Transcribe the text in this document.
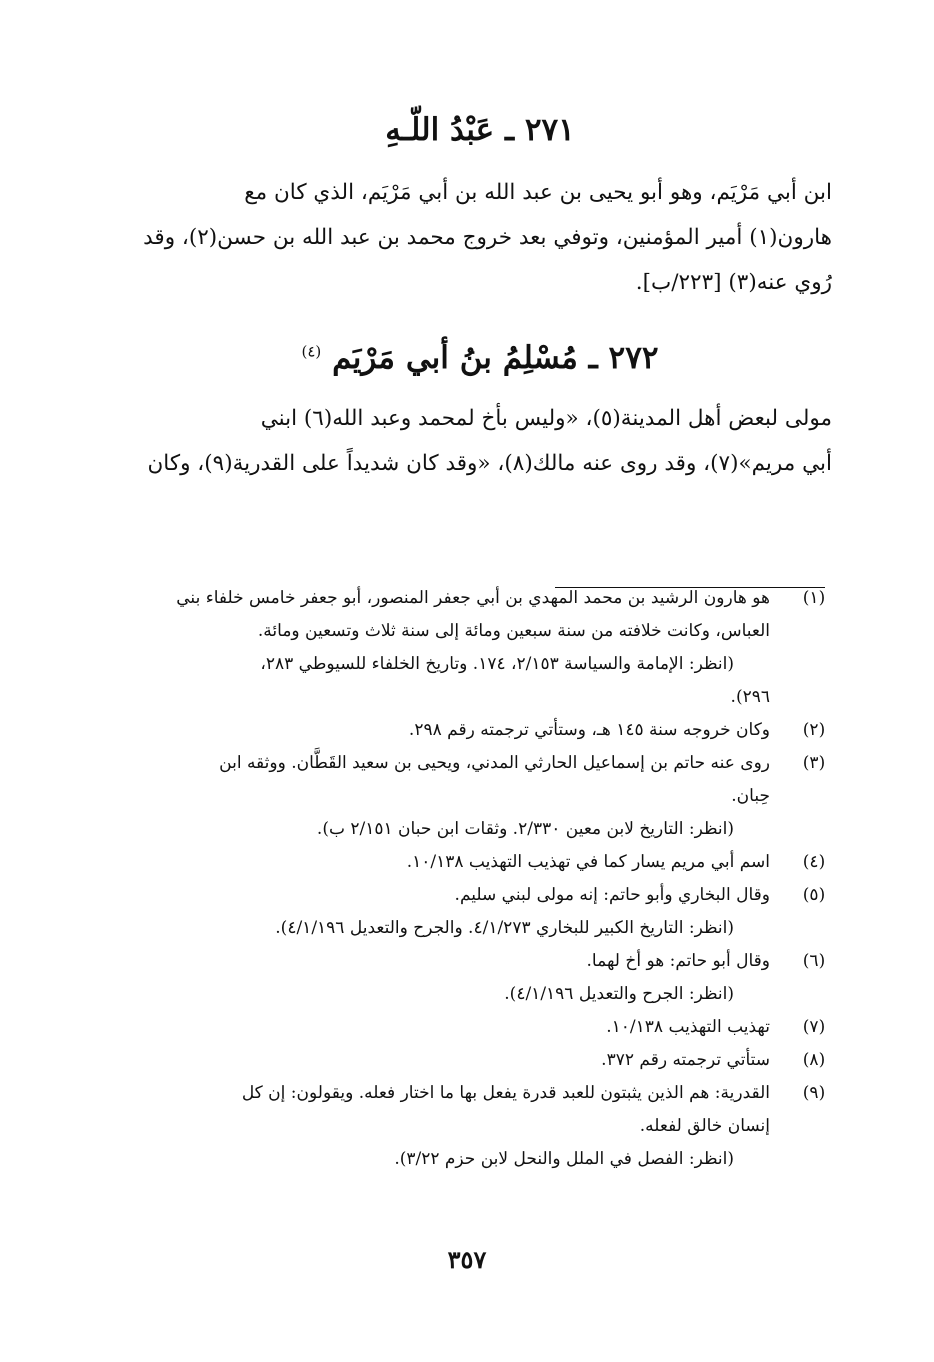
٢٧١ ـ عَبْدُ اللّـهِ
ابن أبي مَرْيَم، وهو أبو يحيى بن عبد الله بن أبي مَرْيَم، الذي كان مع
هارون(١) أمير المؤمنين، وتوفي بعد خروج محمد بن عبد الله بن حسن(٢)، وقد
رُوي عنه(٣) [٢٢٣/ب].
٢٧٢ ـ مُسْلِمُ بنُ أبي مَرْيَم $^{(٤)}$
مولى لبعض أهل المدينة(٥)، «وليس بأخ لمحمد وعبد الله(٦) ابني
أبي مريم»(٧)، وقد روى عنه مالك(٨)، «وقد كان شديداً على القدرية(٩)، وكان
(١)
هو هارون الرشيد بن محمد المهدي بن أبي جعفر المنصور، أبو جعفر خامس خلفاء بني
العباس، وكانت خلافته من سنة سبعين ومائة إلى سنة ثلاث وتسعين ومائة.
(انظر: الإمامة والسياسة ٢/١٥٣، ١٧٤. وتاريخ الخلفاء للسيوطي ٢٨٣،
٢٩٦).
(٢)
وكان خروجه سنة ١٤٥ هـ، وستأتي ترجمته رقم ٢٩٨.
(٣)
روى عنه حاتم بن إسماعيل الحارثي المدني، ويحيى بن سعيد القَطَّان. ووثقه ابن
حِبان.
(انظر: التاريخ لابن معين ٢/٣٣٠. وثقات ابن حبان ٢/١٥١ ب).
(٤)
اسم أبي مريم يسار كما في تهذيب التهذيب ١٠/١٣٨.
(٥)
وقال البخاري وأبو حاتم: إنه مولى لبني سليم.
(انظر: التاريخ الكبير للبخاري ٤/١/٢٧٣. والجرح والتعديل ٤/١/١٩٦).
(٦)
وقال أبو حاتم: هو أخ لهما.
(انظر: الجرح والتعديل ٤/١/١٩٦).
(٧)
تهذيب التهذيب ١٠/١٣٨.
(٨)
ستأتي ترجمته رقم ٣٧٢.
(٩)
القدرية: هم الذين يثبتون للعبد قدرة يفعل بها ما اختار فعله. ويقولون: إن كل
إنسان خالق لفعله.
(انظر: الفصل في الملل والنحل لابن حزم ٣/٢٢).
٣٥٧
